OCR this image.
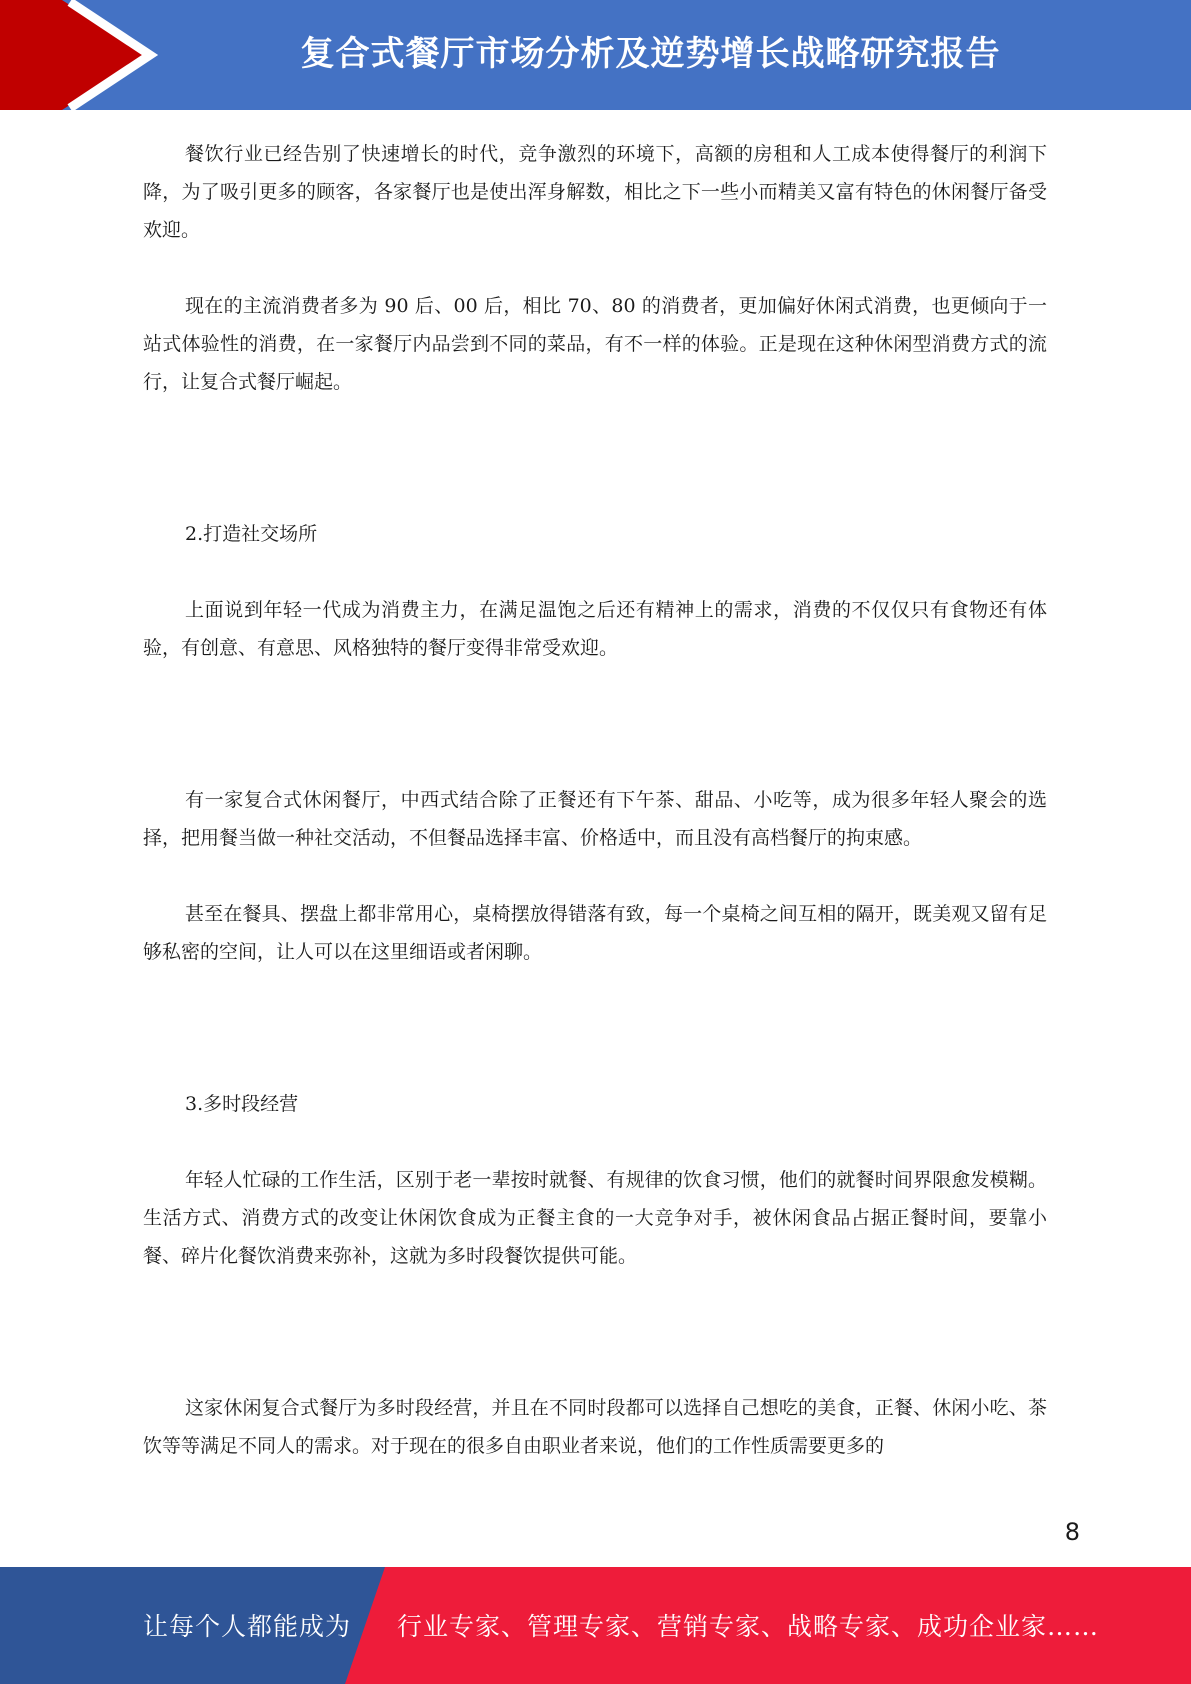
复合式餐厅市场分析及逆势增长战略研究报告

餐饮行业已经告别了快速增长的时代，竞争激烈的环境下，高额的房租和人工成本使得餐厅的利润下降，为了吸引更多的顾客，各家餐厅也是使出浑身解数，相比之下一些小而精美又富有特色的休闲餐厅备受欢迎。

现在的主流消费者多为 90 后、00 后，相比 70、80 的消费者，更加偏好休闲式消费，也更倾向于一站式体验性的消费，在一家餐厅内品尝到不同的菜品，有不一样的体验。正是现在这种休闲型消费方式的流行，让复合式餐厅崛起。

2.打造社交场所

上面说到年轻一代成为消费主力，在满足温饱之后还有精神上的需求，消费的不仅仅只有食物还有体验，有创意、有意思、风格独特的餐厅变得非常受欢迎。

有一家复合式休闲餐厅，中西式结合除了正餐还有下午茶、甜品、小吃等，成为很多年轻人聚会的选择，把用餐当做一种社交活动，不但餐品选择丰富、价格适中，而且没有高档餐厅的拘束感。

甚至在餐具、摆盘上都非常用心，桌椅摆放得错落有致，每一个桌椅之间互相的隔开，既美观又留有足够私密的空间，让人可以在这里细语或者闲聊。

3.多时段经营

年轻人忙碌的工作生活，区别于老一辈按时就餐、有规律的饮食习惯，他们的就餐时间界限愈发模糊。生活方式、消费方式的改变让休闲饮食成为正餐主食的一大竞争对手，被休闲食品占据正餐时间，要靠小餐、碎片化餐饮消费来弥补，这就为多时段餐饮提供可能。

这家休闲复合式餐厅为多时段经营，并且在不同时段都可以选择自己想吃的美食，正餐、休闲小吃、茶饮等等满足不同人的需求。对于现在的很多自由职业者来说，他们的工作性质需要更多的

8
让每个人都能成为 行业专家、管理专家、营销专家、战略专家、成功企业家……
